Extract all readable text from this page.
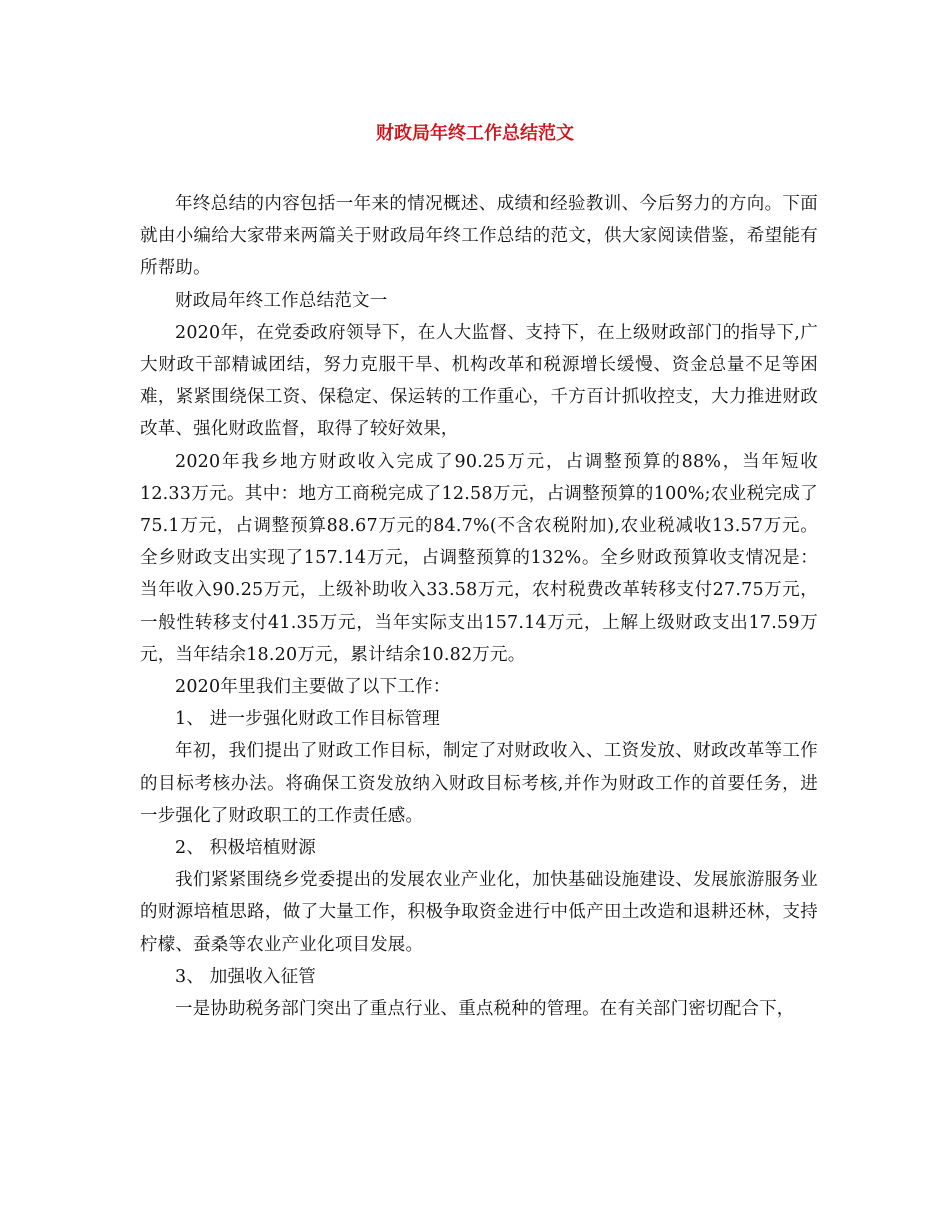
财政局年终工作总结范文

年终总结的内容包括一年来的情况概述、成绩和经验教训、今后努力的方向。下面就由小编给大家带来两篇关于财政局年终工作总结的范文，供大家阅读借鉴，希望能有所帮助。

财政局年终工作总结范文一

2020年，在党委政府领导下，在人大监督、支持下，在上级财政部门的指导下,广大财政干部精诚团结，努力克服干旱、机构改革和税源增长缓慢、资金总量不足等困难，紧紧围绕保工资、保稳定、保运转的工作重心，千方百计抓收控支，大力推进财政改革、强化财政监督，取得了较好效果，

2020年我乡地方财政收入完成了90.25万元，占调整预算的88%，当年短收12.33万元。其中：地方工商税完成了12.58万元，占调整预算的100%;农业税完成了75.1万元，占调整预算88.67万元的84.7%(不含农税附加),农业税减收13.57万元。全乡财政支出实现了157.14万元，占调整预算的132%。全乡财政预算收支情况是：当年收入90.25万元，上级补助收入33.58万元，农村税费改革转移支付27.75万元，一般性转移支付41.35万元，当年实际支出157.14万元，上解上级财政支出17.59万元，当年结余18.20万元，累计结余10.82万元。

2020年里我们主要做了以下工作：

1、 进一步强化财政工作目标管理

年初，我们提出了财政工作目标，制定了对财政收入、工资发放、财政改革等工作的目标考核办法。将确保工资发放纳入财政目标考核,并作为财政工作的首要任务，进一步强化了财政职工的工作责任感。

2、 积极培植财源

我们紧紧围绕乡党委提出的发展农业产业化，加快基础设施建设、发展旅游服务业的财源培植思路，做了大量工作，积极争取资金进行中低产田土改造和退耕还林，支持柠檬、蚕桑等农业产业化项目发展。

3、 加强收入征管

一是协助税务部门突出了重点行业、重点税种的管理。在有关部门密切配合下，
